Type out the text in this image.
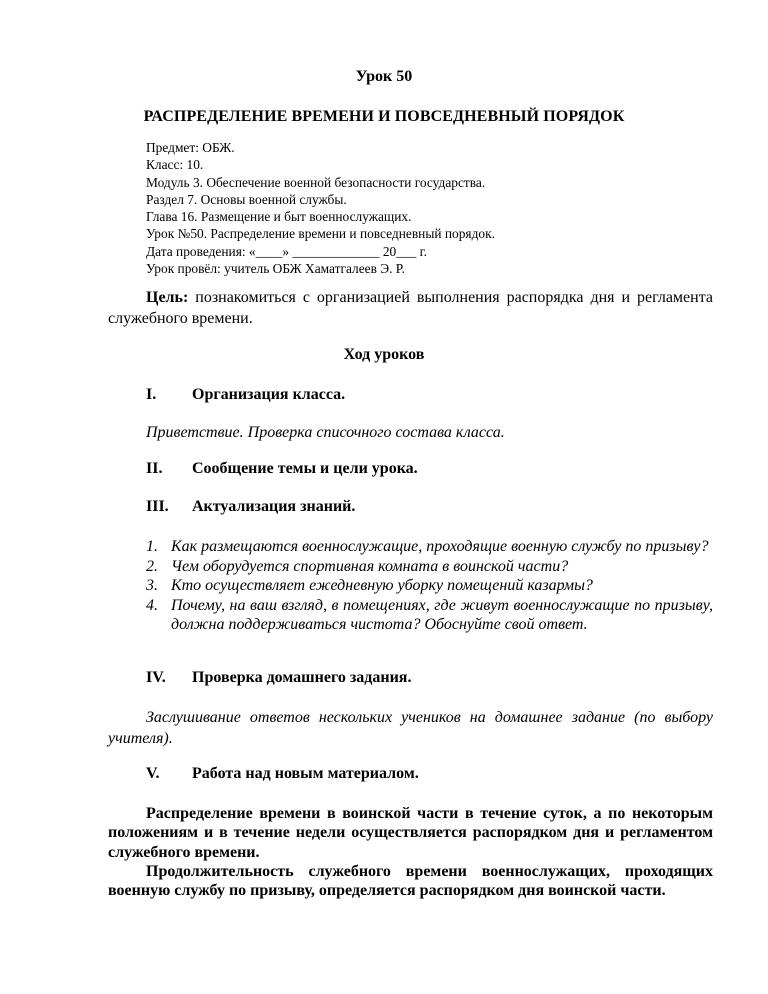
Урок 50
РАСПРЕДЕЛЕНИЕ ВРЕМЕНИ И ПОВСЕДНЕВНЫЙ ПОРЯДОК
Предмет: ОБЖ.
Класс: 10.
Модуль 3. Обеспечение военной безопасности государства.
Раздел 7. Основы военной службы.
Глава 16. Размещение и быт военнослужащих.
Урок №50. Распределение времени и повседневный порядок.
Дата проведения: «____» _____________ 20___ г.
Урок провёл: учитель ОБЖ Хаматгалеев Э. Р.
Цель: познакомиться с организацией выполнения распорядка дня и регламента служебного времени.
Ход уроков
I. Организация класса.
Приветствие. Проверка списочного состава класса.
II. Сообщение темы и цели урока.
III. Актуализация знаний.
1. Как размещаются военнослужащие, проходящие военную службу по призыву?
2. Чем оборудуется спортивная комната в воинской части?
3. Кто осуществляет ежедневную уборку помещений казармы?
4. Почему, на ваш взгляд, в помещениях, где живут военнослужащие по призыву, должна поддерживаться чистота? Обоснуйте свой ответ.
IV. Проверка домашнего задания.
Заслушивание ответов нескольких учеников на домашнее задание (по выбору учителя).
V. Работа над новым материалом.
Распределение времени в воинской части в течение суток, а по некоторым положениям и в течение недели осуществляется распорядком дня и регламентом служебного времени.
Продолжительность служебного времени военнослужащих, проходящих военную службу по призыву, определяется распорядком дня воинской части.
